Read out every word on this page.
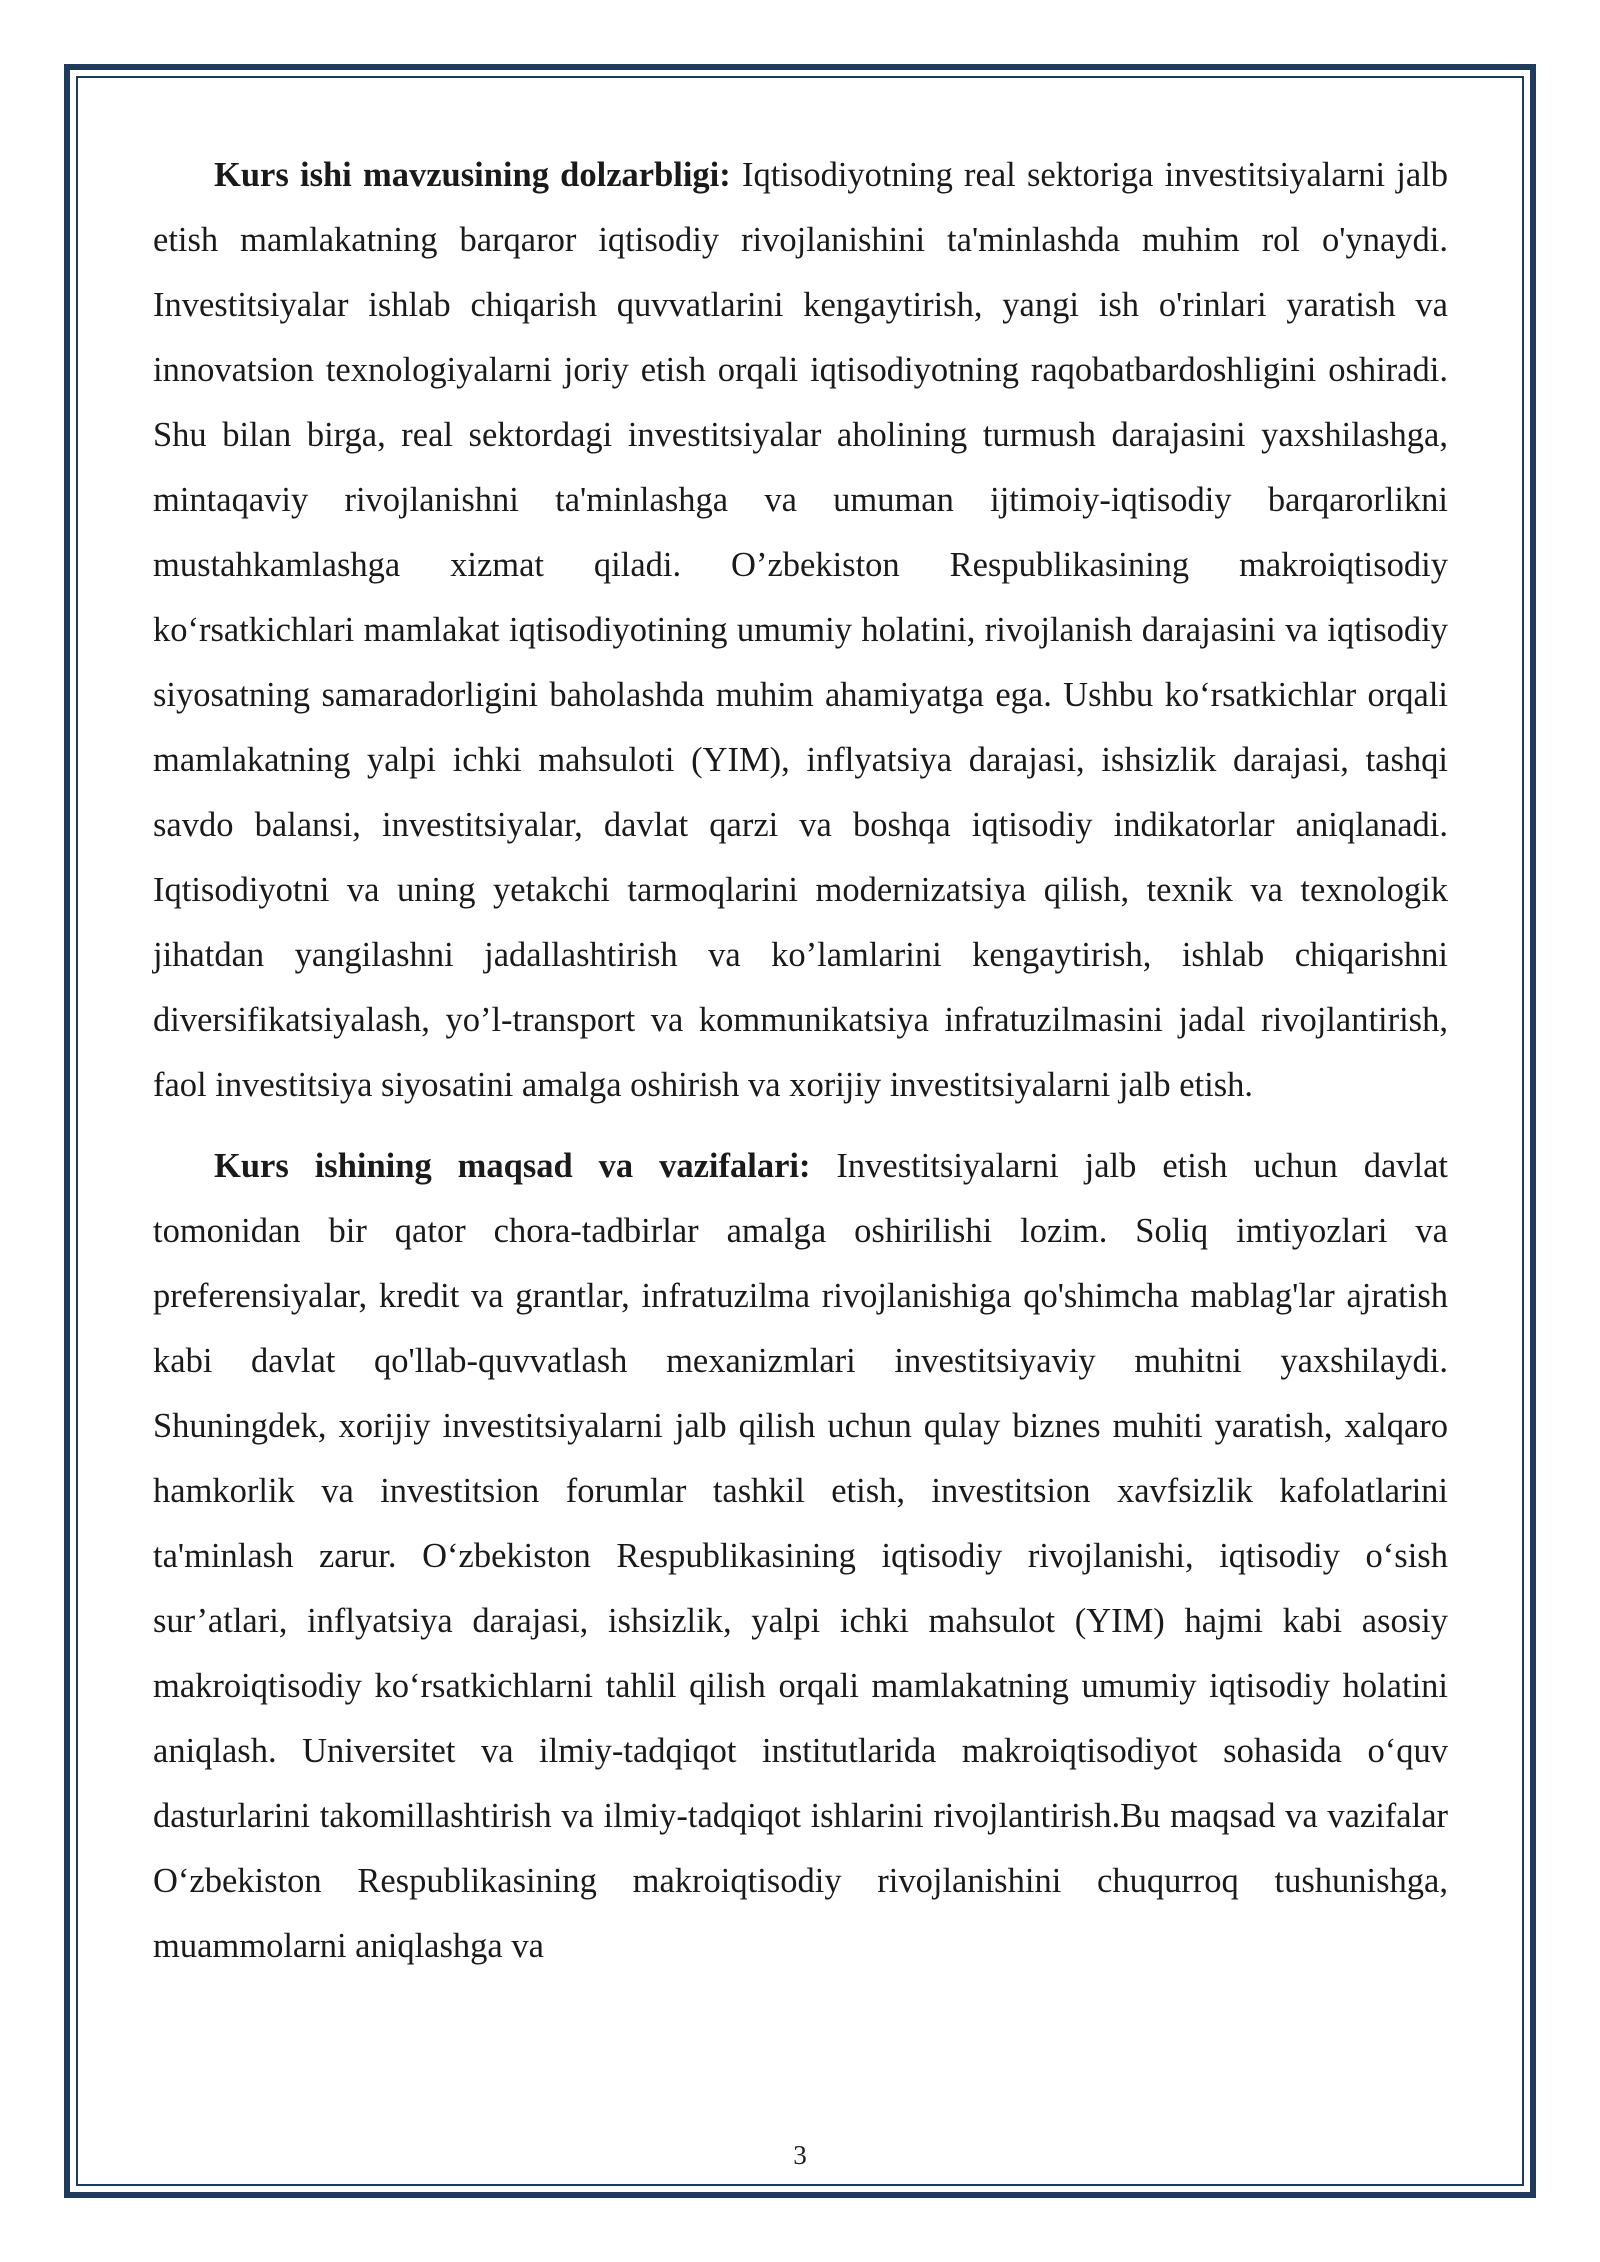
Kurs ishi mavzusining dolzarbligi: Iqtisodiyotning real sektoriga investitsiyalarni jalb etish mamlakatning barqaror iqtisodiy rivojlanishini ta'minlashda muhim rol o'ynaydi. Investitsiyalar ishlab chiqarish quvvatlarini kengaytirish, yangi ish o'rinlari yaratish va innovatsion texnologiyalarni joriy etish orqali iqtisodiyotning raqobatbardoshligini oshiradi. Shu bilan birga, real sektordagi investitsiyalar aholining turmush darajasini yaxshilashga, mintaqaviy rivojlanishni ta'minlashga va umuman ijtimoiy-iqtisodiy barqarorlikni mustahkamlashga xizmat qiladi. O’zbekiston Respublikasining makroiqtisodiy ko‘rsatkichlari mamlakat iqtisodiyotining umumiy holatini, rivojlanish darajasini va iqtisodiy siyosatning samaradorligini baholashda muhim ahamiyatga ega. Ushbu ko‘rsatkichlar orqali mamlakatning yalpi ichki mahsuloti (YIM), inflyatsiya darajasi, ishsizlik darajasi, tashqi savdo balansi, investitsiyalar, davlat qarzi va boshqa iqtisodiy indikatorlar aniqlanadi. Iqtisodiyotni va uning yetakchi tarmoqlarini modernizatsiya qilish, texnik va texnologik jihatdan yangilashni jadallashtirish va ko’lamlarini kengaytirish, ishlab chiqarishni diversifikatsiyalash, yo’l-transport va kommunikatsiya infratuzilmasini jadal rivojlantirish, faol investitsiya siyosatini amalga oshirish va xorijiy investitsiyalarni jalb etish.

Kurs ishining maqsad va vazifalari: Investitsiyalarni jalb etish uchun davlat tomonidan bir qator chora-tadbirlar amalga oshirilishi lozim. Soliq imtiyozlari va preferensiyalar, kredit va grantlar, infratuzilma rivojlanishiga qo'shimcha mablag'lar ajratish kabi davlat qo'llab-quvvatlash mexanizmlari investitsiyaviy muhitni yaxshilaydi. Shuningdek, xorijiy investitsiyalarni jalb qilish uchun qulay biznes muhiti yaratish, xalqaro hamkorlik va investitsion forumlar tashkil etish, investitsion xavfsizlik kafolatlarini ta'minlash zarur. O‘zbekiston Respublikasining iqtisodiy rivojlanishi, iqtisodiy o‘sish sur’atlari, inflyatsiya darajasi, ishsizlik, yalpi ichki mahsulot (YIM) hajmi kabi asosiy makroiqtisodiy ko‘rsatkichlarni tahlil qilish orqali mamlakatning umumiy iqtisodiy holatini aniqlash. Universitet va ilmiy-tadqiqot institutlarida makroiqtisodiyot sohasida o‘quv dasturlarini takomillashtirish va ilmiy-tadqiqot ishlarini rivojlantirish.Bu maqsad va vazifalar O‘zbekiston Respublikasining makroiqtisodiy rivojlanishini chuqurroq tushunishga, muammolarni aniqlashga va

3
